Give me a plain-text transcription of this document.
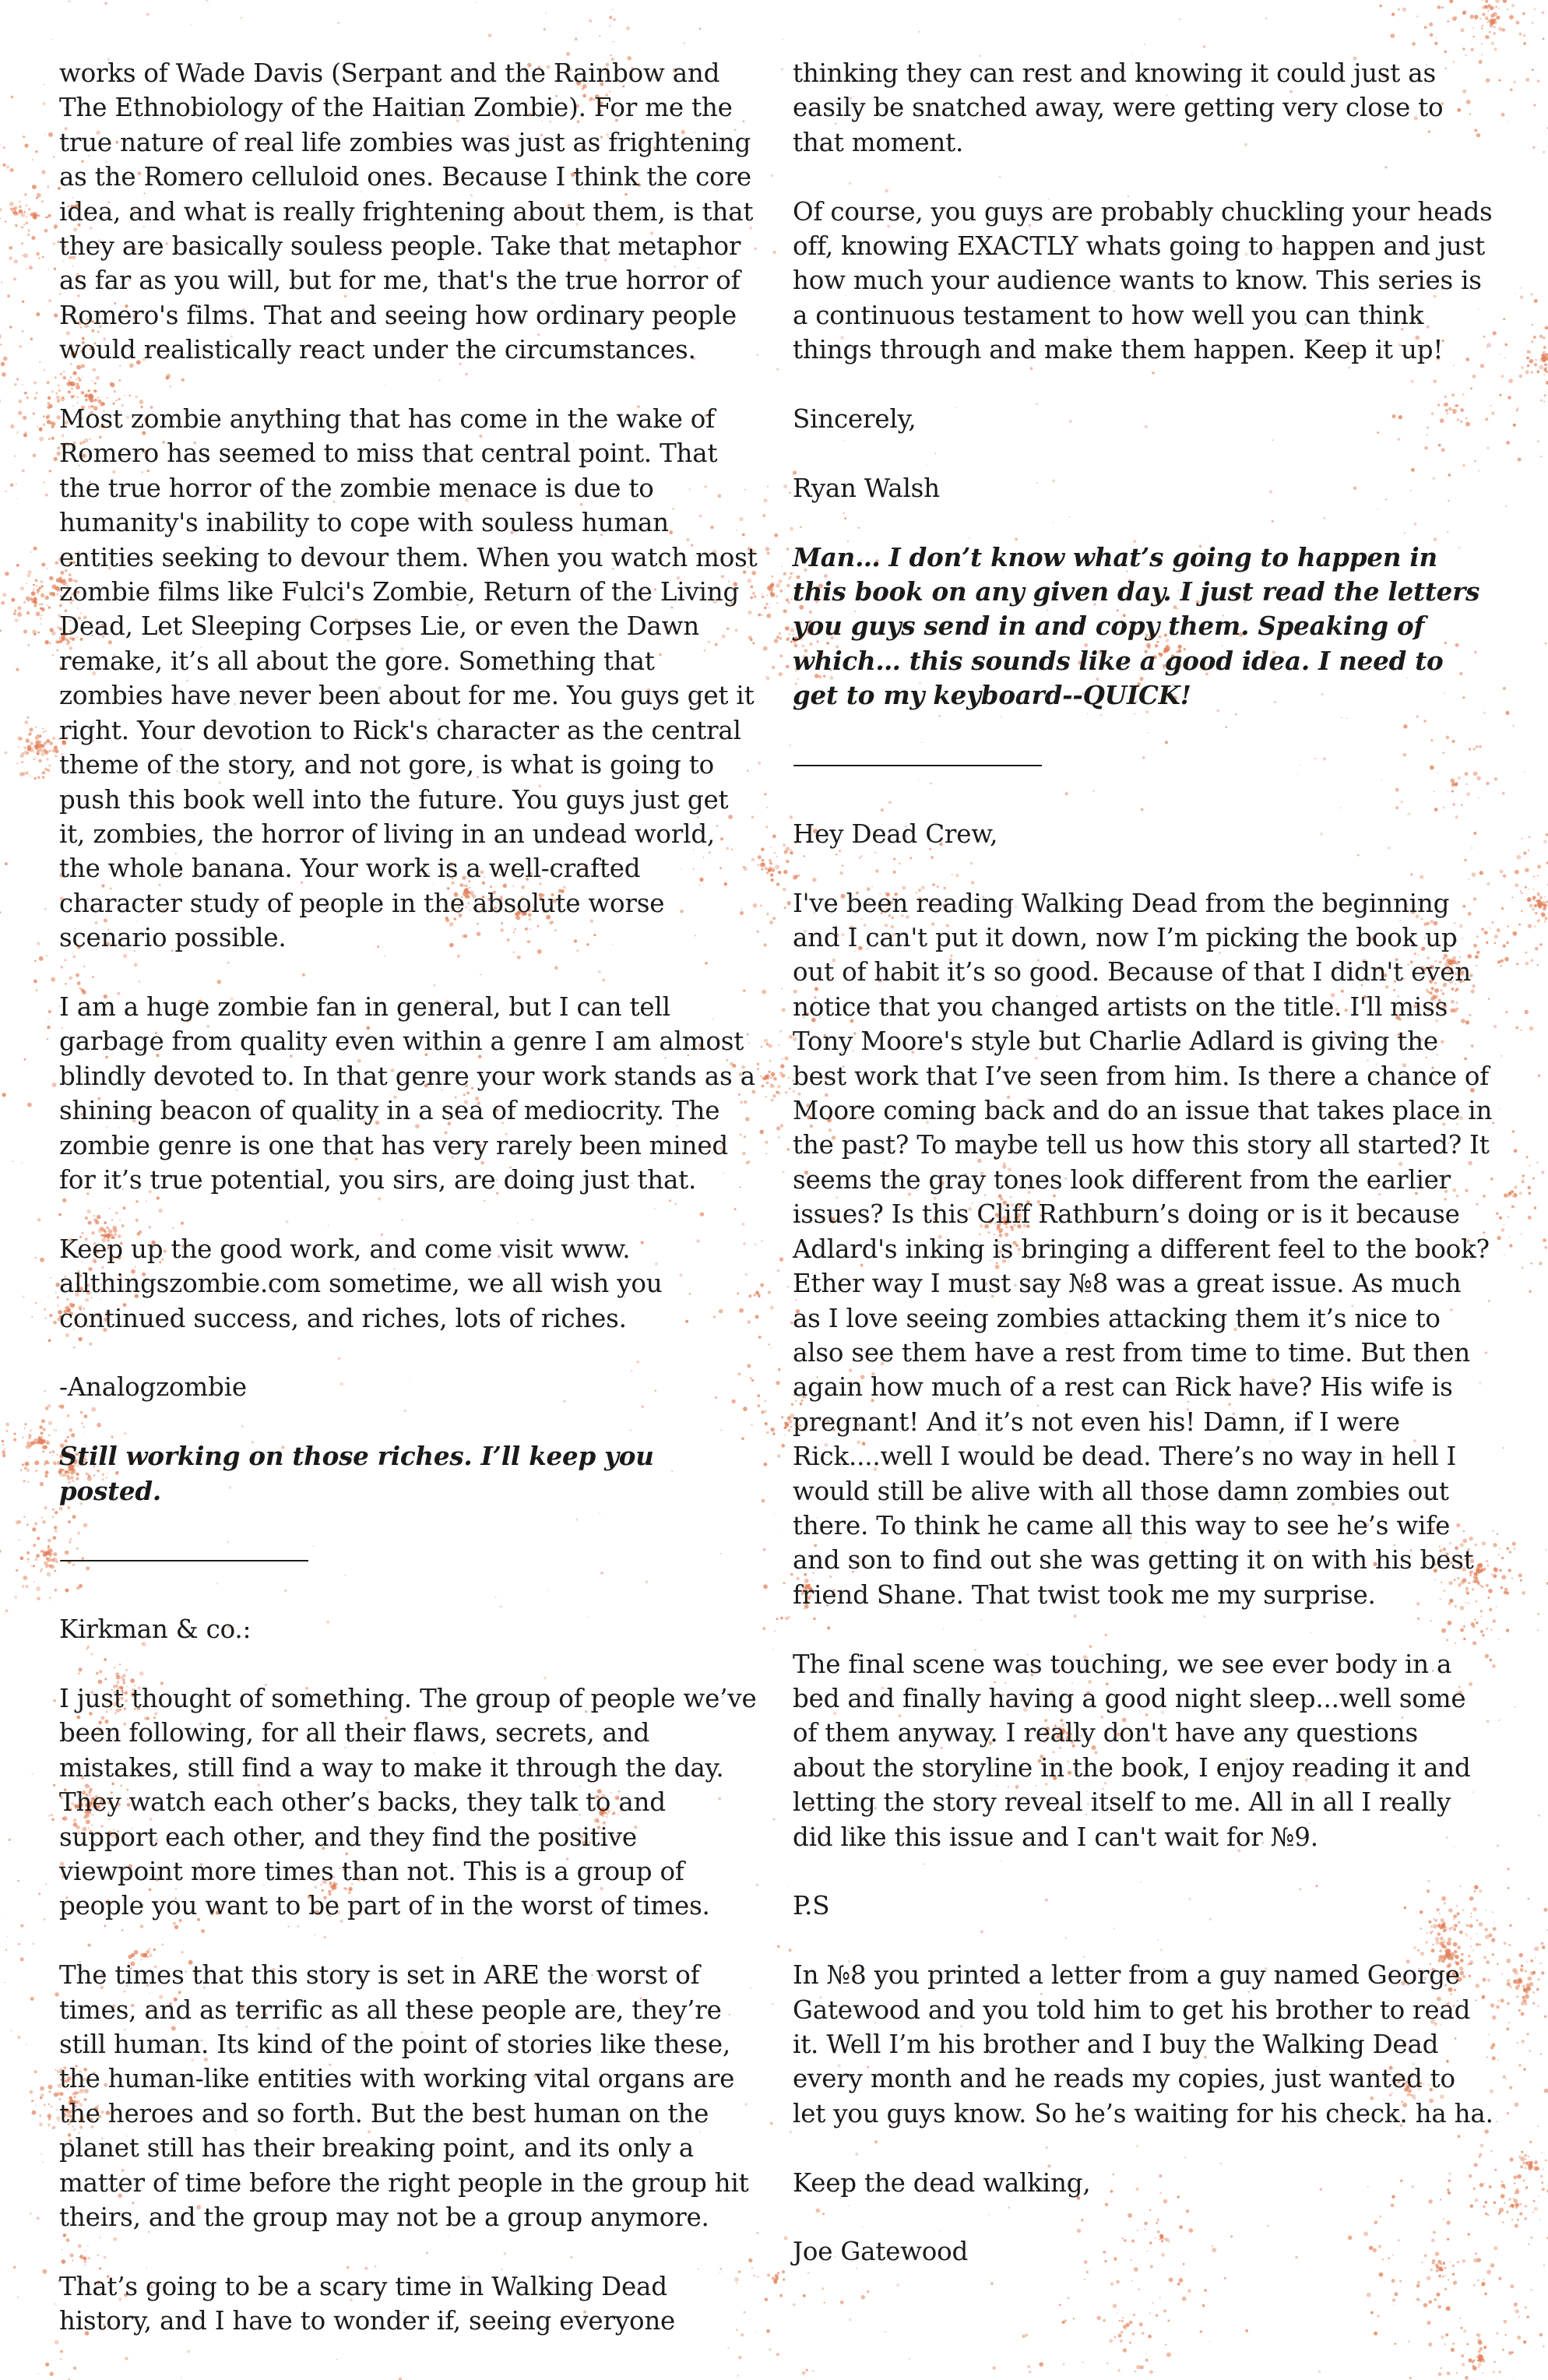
works of Wade Davis (Serpant and the Rainbow and The Ethnobiology of the Haitian Zombie). For me the true nature of real life zombies was just as frightening as the Romero celluloid ones. Because I think the core idea, and what is really frightening about them, is that they are basically souless people. Take that metaphor as far as you will, but for me, that's the true horror of Romero's films. That and seeing how ordinary people would realistically react under the circumstances.

Most zombie anything that has come in the wake of Romero has seemed to miss that central point. That the true horror of the zombie menace is due to humanity's inability to cope with souless human entities seeking to devour them. When you watch most zombie films like Fulci's Zombie, Return of the Living Dead, Let Sleeping Corpses Lie, or even the Dawn remake, it’s all about the gore. Something that zombies have never been about for me. You guys get it right. Your devotion to Rick's character as the central theme of the story, and not gore, is what is going to push this book well into the future. You guys just get it, zombies, the horror of living in an undead world, the whole banana. Your work is a well-crafted character study of people in the absolute worse scenario possible.

I am a huge zombie fan in general, but I can tell garbage from quality even within a genre I am almost blindly devoted to. In that genre your work stands as a shining beacon of quality in a sea of mediocrity. The zombie genre is one that has very rarely been mined for it’s true potential, you sirs, are doing just that.

Keep up the good work, and come visit www. allthingszombie.com sometime, we all wish you continued success, and riches, lots of riches.

-Analogzombie

Still working on those riches. I’ll keep you posted.

-------------------------------------------------------

Kirkman & co.:

I just thought of something. The group of people we’ve been following, for all their flaws, secrets, and mistakes, still find a way to make it through the day. They watch each other’s backs, they talk to and support each other, and they find the positive viewpoint more times than not. This is a group of people you want to be part of in the worst of times.

The times that this story is set in ARE the worst of times, and as terrific as all these people are, they’re still human. Its kind of the point of stories like these, the human-like entities with working vital organs are the heroes and so forth. But the best human on the planet still has their breaking point, and its only a matter of time before the right people in the group hit theirs, and the group may not be a group anymore.

That’s going to be a scary time in Walking Dead history, and I have to wonder if, seeing everyone

thinking they can rest and knowing it could just as easily be snatched away, were getting very close to that moment.

Of course, you guys are probably chuckling your heads off, knowing EXACTLY whats going to happen and just how much your audience wants to know. This series is a continuous testament to how well you can think things through and make them happen. Keep it up!

Sincerely,

Ryan Walsh

Man… I don’t know what’s going to happen in this book on any given day. I just read the letters you guys send in and copy them. Speaking of which… this sounds like a good idea. I need to get to my keyboard--QUICK!

-------------------------------------------------------

Hey Dead Crew,

I've been reading Walking Dead from the beginning and I can't put it down, now I’m picking the book up out of habit it’s so good. Because of that I didn't even notice that you changed artists on the title. I'll miss Tony Moore's style but Charlie Adlard is giving the best work that I’ve seen from him. Is there a chance of Moore coming back and do an issue that takes place in the past? To maybe tell us how this story all started? It seems the gray tones look different from the earlier issues? Is this Cliff Rathburn’s doing or is it because Adlard's inking is bringing a different feel to the book? Ether way I must say №8 was a great issue. As much as I love seeing zombies attacking them it’s nice to also see them have a rest from time to time. But then again how much of a rest can Rick have? His wife is pregnant! And it’s not even his! Damn, if I were Rick....well I would be dead. There’s no way in hell I would still be alive with all those damn zombies out there. To think he came all this way to see he’s wife and son to find out she was getting it on with his best friend Shane. That twist took me my surprise.

The final scene was touching, we see ever body in a bed and finally having a good night sleep...well some of them anyway. I really don't have any questions about the storyline in the book, I enjoy reading it and letting the story reveal itself to me. All in all I really did like this issue and I can't wait for №9.

P.S

In №8 you printed a letter from a guy named George Gatewood and you told him to get his brother to read it. Well I’m his brother and I buy the Walking Dead every month and he reads my copies, just wanted to let you guys know. So he’s waiting for his check. ha ha.

Keep the dead walking,

Joe Gatewood
